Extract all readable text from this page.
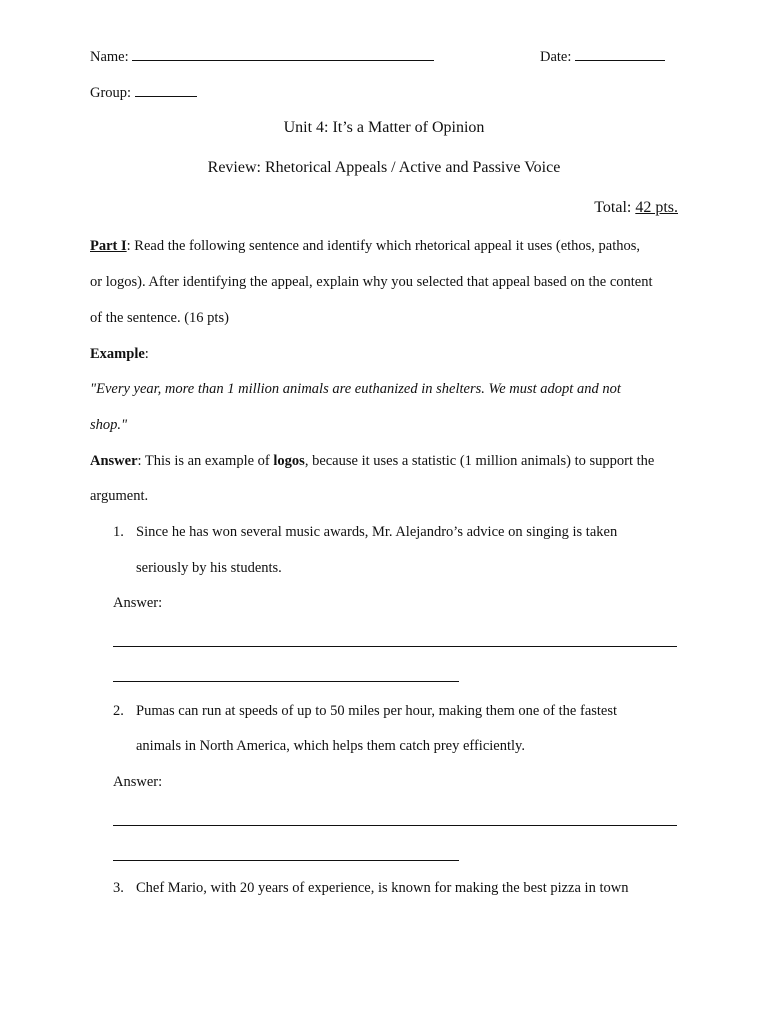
Name:	Date:
Group:
Unit 4: It’s a Matter of Opinion
Review: Rhetorical Appeals / Active and Passive Voice
Total: 42 pts.
Part I: Read the following sentence and identify which rhetorical appeal it uses (ethos, pathos,
or logos). After identifying the appeal, explain why you selected that appeal based on the content
of the sentence. (16 pts)
Example:
"Every year, more than 1 million animals are euthanized in shelters. We must adopt and not
shop."
Answer: This is an example of logos, because it uses a statistic (1 million animals) to support the
argument.
1. Since he has won several music awards, Mr. Alejandro’s advice on singing is taken
seriously by his students.
Answer:
2. Pumas can run at speeds of up to 50 miles per hour, making them one of the fastest
animals in North America, which helps them catch prey efficiently.
Answer:
3. Chef Mario, with 20 years of experience, is known for making the best pizza in town
